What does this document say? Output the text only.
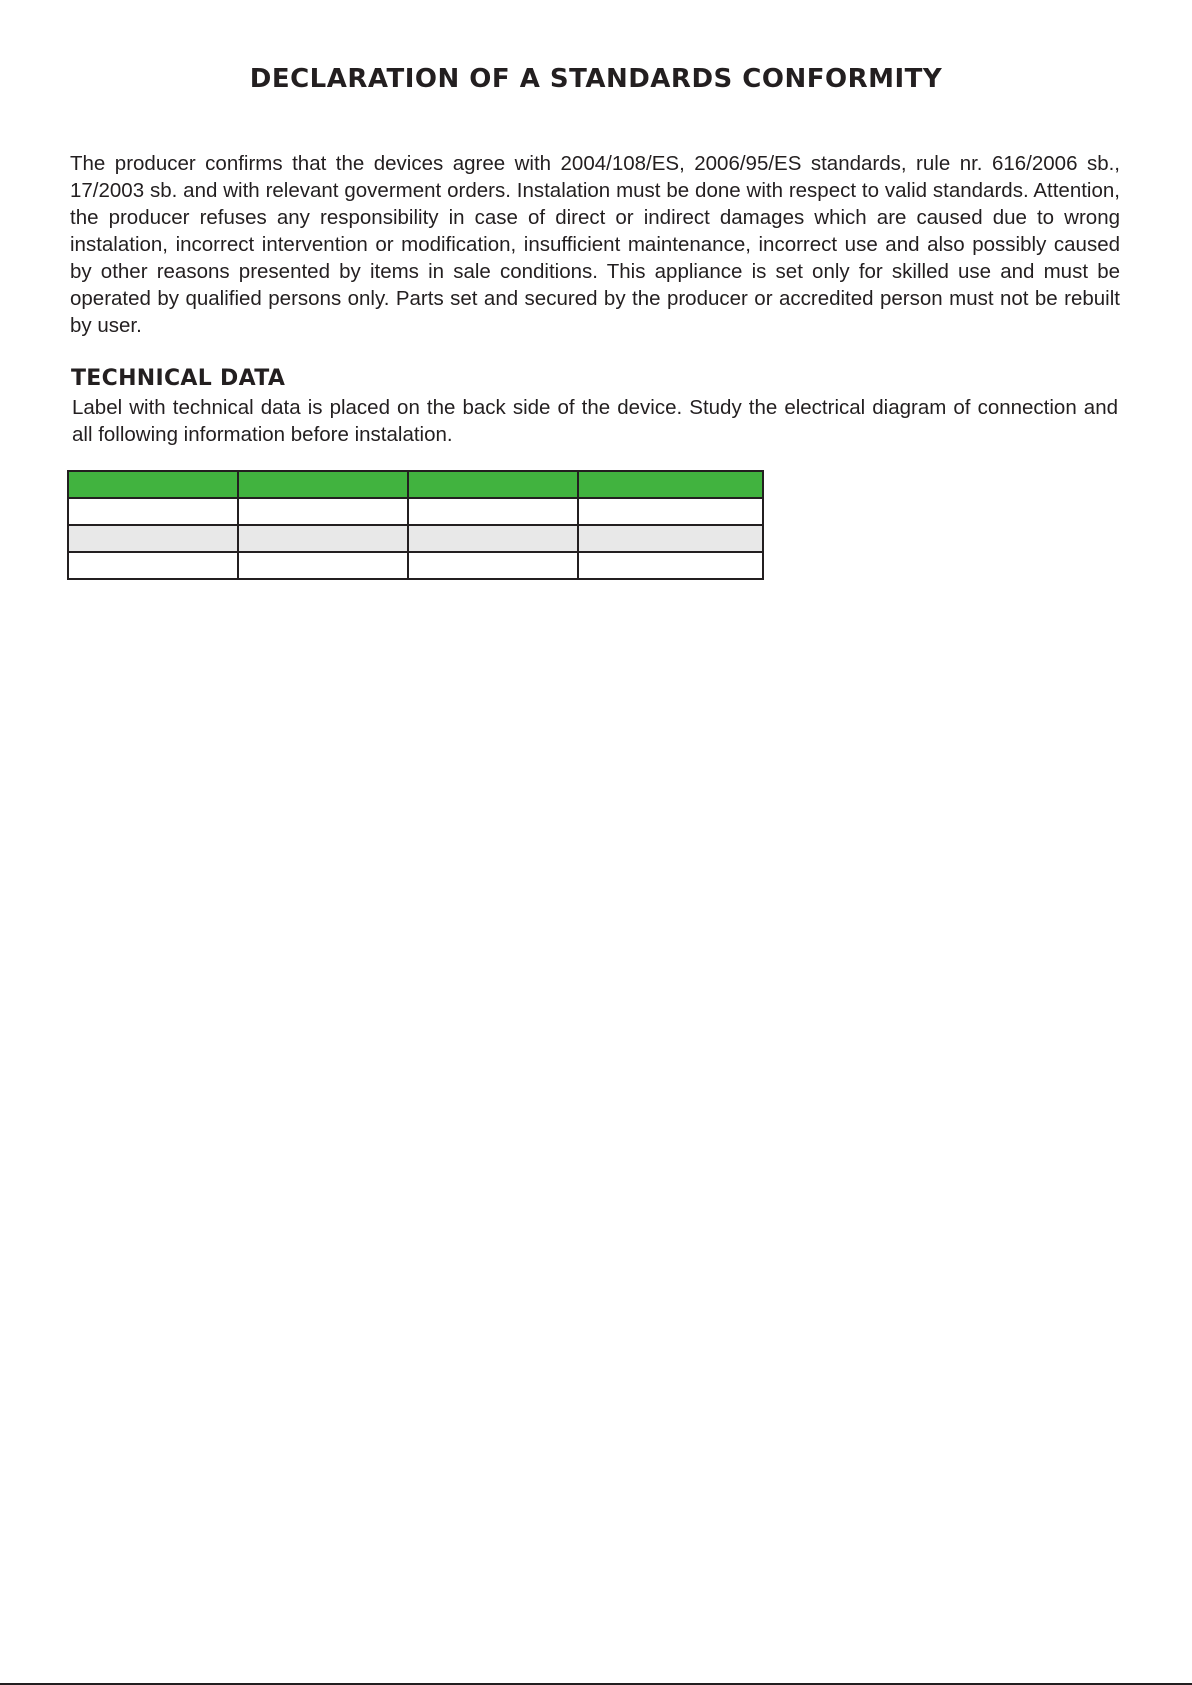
DECLARATION OF A STANDARDS CONFORMITY

The producer confirms that the devices agree with 2004/108/ES, 2006/95/ES standards, rule nr. 616/2006 sb., 17/2003 sb. and with relevant goverment orders. Instalation must be done with respect to valid standards. Attention, the producer refuses any responsibility in case of direct or indirect damages which are caused due to wrong instalation, incorrect intervention or modification, insufficient maintenance, incorrect use and also possibly caused by other reasons presented by items in sale conditions. This appliance is set only for skilled use and must be operated by qualified persons only. Parts set and secured by the producer or accredited person must not be rebuilt by user.

TECHNICAL DATA

Label with technical data is placed on the back side of the device. Study the electrical diagram of connection and all following information before instalation.
